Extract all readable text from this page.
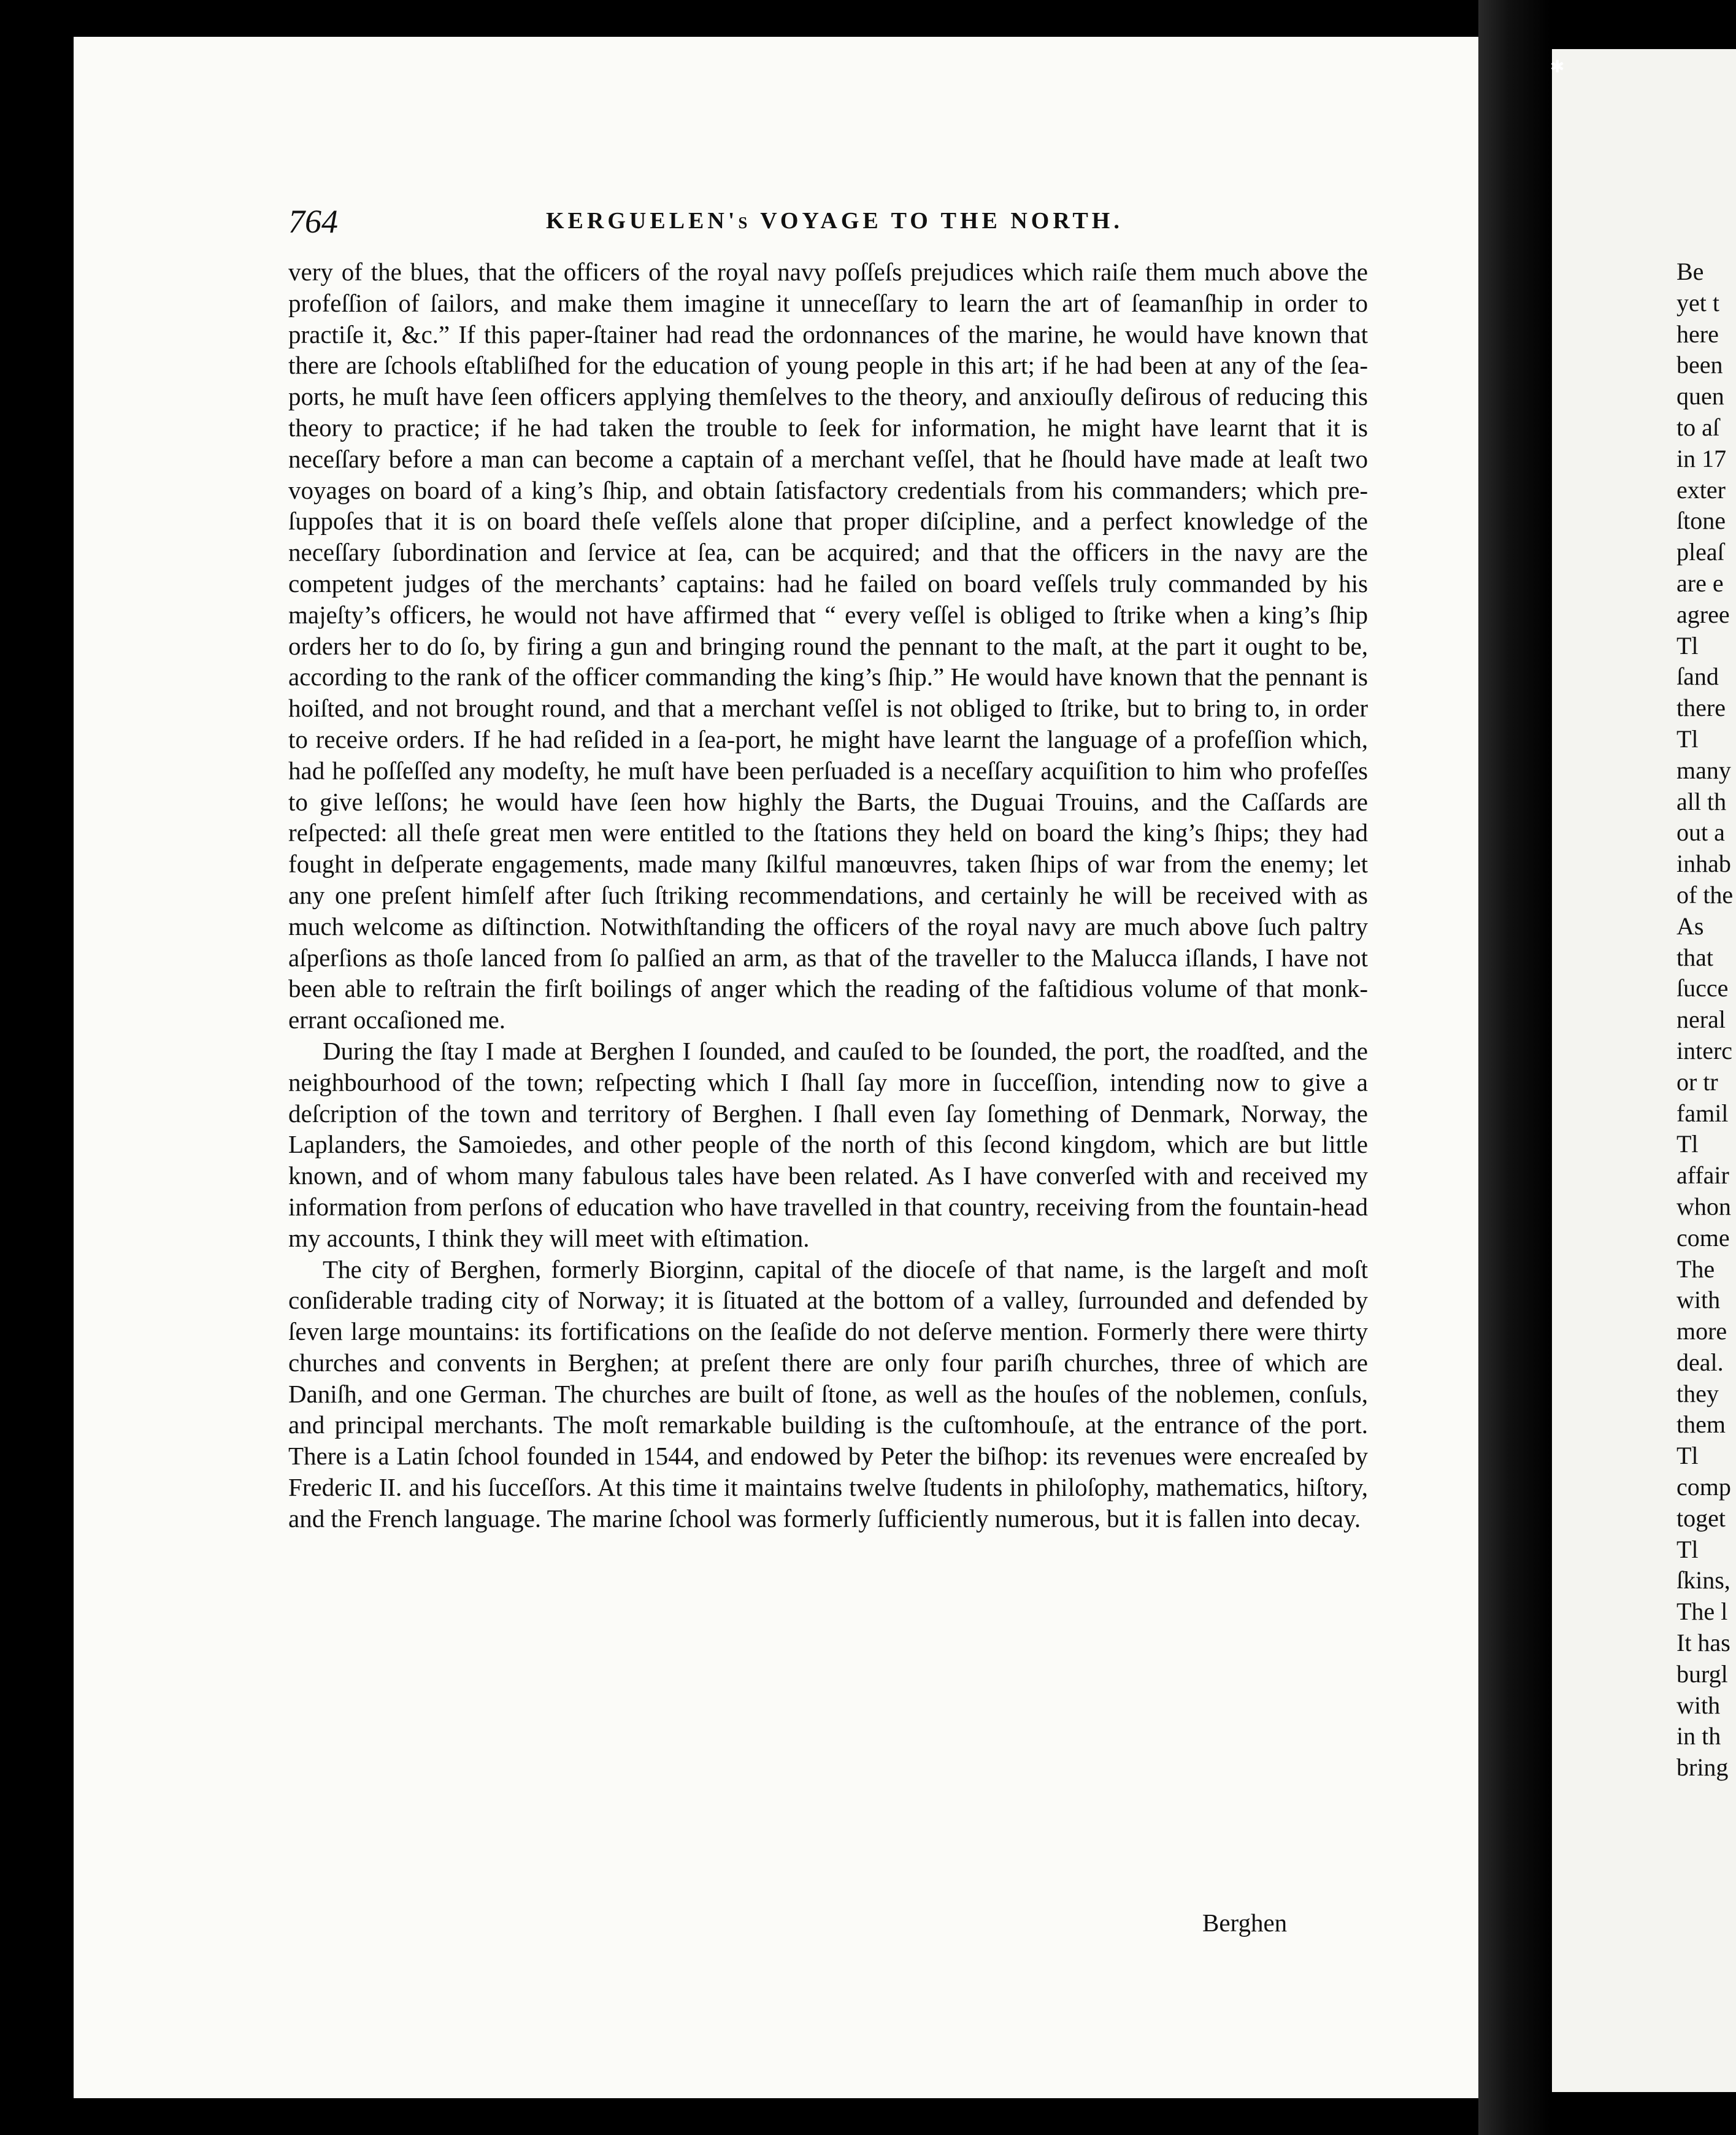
✱
764	KERGUELEN's VOYAGE TO THE NORTH.

very of the blues, that the officers of the royal navy poſſeſs prejudices which raiſe them much above the profeſſion of ſailors, and make them imagine it unneceſſary to learn the art of ſeamanſhip in order to practiſe it, &c.” If this paper-ſtainer had read the ordonnances of the marine, he would have known that there are ſchools eſtabliſhed for the education of young people in this art; if he had been at any of the ſea-ports, he muſt have ſeen officers applying themſelves to the theory, and anxiouſly deſirous of reducing this theory to practice; if he had taken the trouble to ſeek for information, he might have learnt that it is neceſſary before a man can become a captain of a merchant veſſel, that he ſhould have made at leaſt two voyages on board of a king’s ſhip, and obtain ſatisfactory credentials from his commanders; which pre-ſuppoſes that it is on board theſe veſſels alone that proper diſcipline, and a perfect knowledge of the neceſſary ſubordination and ſervice at ſea, can be acquired; and that the officers in the navy are the competent judges of the merchants’ captains: had he failed on board veſſels truly commanded by his majeſty’s officers, he would not have affirmed that “ every veſſel is obliged to ſtrike when a king’s ſhip orders her to do ſo, by firing a gun and bringing round the pennant to the maſt, at the part it ought to be, according to the rank of the officer commanding the king’s ſhip.” He would have known that the pennant is hoiſted, and not brought round, and that a merchant veſſel is not obliged to ſtrike, but to bring to, in order to receive orders. If he had reſided in a ſea-port, he might have learnt the language of a profeſſion which, had he poſſeſſed any modeſty, he muſt have been perſuaded is a neceſſary acquiſition to him who profeſſes to give leſſons; he would have ſeen how highly the Barts, the Duguai Trouins, and the Caſſards are reſpected: all theſe great men were entitled to the ſtations they held on board the king’s ſhips; they had fought in deſperate engagements, made many ſkilful manœuvres, taken ſhips of war from the enemy; let any one preſent himſelf after ſuch ſtriking recommendations, and certainly he will be received with as much welcome as diſtinction. Notwithſtanding the officers of the royal navy are much above ſuch paltry aſperſions as thoſe lanced from ſo palſied an arm, as that of the traveller to the Malucca iſlands, I have not been able to reſtrain the firſt boilings of anger which the reading of the faſtidious volume of that monk-errant occaſioned me.

During the ſtay I made at Berghen I ſounded, and cauſed to be ſounded, the port, the roadſted, and the neighbourhood of the town; reſpecting which I ſhall ſay more in ſucceſſion, intending now to give a deſcription of the town and territory of Berghen. I ſhall even ſay ſomething of Denmark, Norway, the Laplanders, the Samoiedes, and other people of the north of this ſecond kingdom, which are but little known, and of whom many fabulous tales have been related. As I have converſed with and received my information from perſons of education who have travelled in that country, receiving from the fountain-head my accounts, I think they will meet with eſtimation.

The city of Berghen, formerly Biorginn, capital of the dioceſe of that name, is the largeſt and moſt conſiderable trading city of Norway; it is ſituated at the bottom of a valley, ſurrounded and defended by ſeven large mountains: its fortifications on the ſeaſide do not deſerve mention. Formerly there were thirty churches and convents in Berghen; at preſent there are only four pariſh churches, three of which are Daniſh, and one German. The churches are built of ſtone, as well as the houſes of the noblemen, conſuls, and principal merchants. The moſt remarkable building is the cuſtomhouſe, at the entrance of the port. There is a Latin ſchool founded in 1544, and endowed by Peter the biſhop: its revenues were encreaſed by Frederic II. and his ſucceſſors. At this time it maintains twelve ſtudents in philoſophy, mathematics, hiſtory, and the French language. The marine ſchool was formerly ſufficiently numerous, but it is fallen into decay.

Berghen
Be
yet t
here
been
quen
to aſ
in 17
exter
ſtone
pleaſ
are e
agree
Tl
ſand
there
Tl
many
all th
out a
inhab
of the
As
that
ſucce
neral
interc
or tr
famil
Tl
affair
whon
come
The
with
more
deal.
they
them
Tl
comp
toget
Tl
ſkins,
The l
It has
burgl
with
in th
bring
